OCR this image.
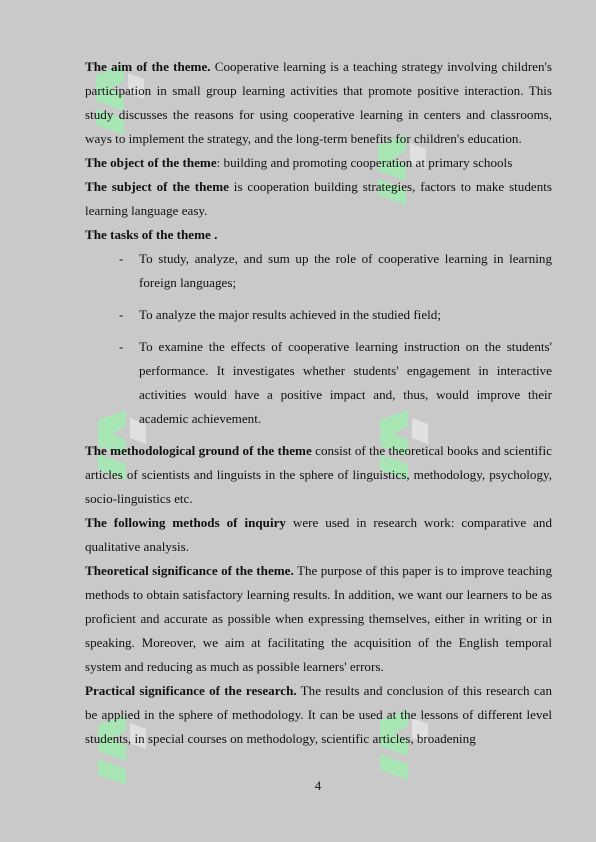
The aim of the theme. Cooperative learning is a teaching strategy involving children's participation in small group learning activities that promote positive interaction. This study discusses the reasons for using cooperative learning in centers and classrooms, ways to implement the strategy, and the long-term benefits for children's education.

The object of the theme: building and promoting cooperation at primary schools

The subject of the theme is cooperation building strategies, factors to make students learning language easy.

The tasks of the theme .

- To study, analyze, and sum up the role of cooperative learning in learning foreign languages;
- To analyze the major results achieved in the studied field;
- To examine the effects of cooperative learning instruction on the students' performance. It investigates whether students' engagement in interactive activities would have a positive impact and, thus, would improve their academic achievement.

The methodological ground of the theme consist of the theoretical books and scientific articles of scientists and linguists in the sphere of linguistics, methodology, psychology, socio-linguistics etc.

The following methods of inquiry were used in research work: comparative and qualitative analysis.

Theoretical significance of the theme. The purpose of this paper is to improve teaching methods to obtain satisfactory learning results. In addition, we want our learners to be as proficient and accurate as possible when expressing themselves, either in writing or in speaking. Moreover, we aim at facilitating the acquisition of the English temporal system and reducing as much as possible learners' errors.

Practical significance of the research. The results and conclusion of this research can be applied in the sphere of methodology. It can be used at the lessons of different level students, in special courses on methodology, scientific articles, broadening

4
